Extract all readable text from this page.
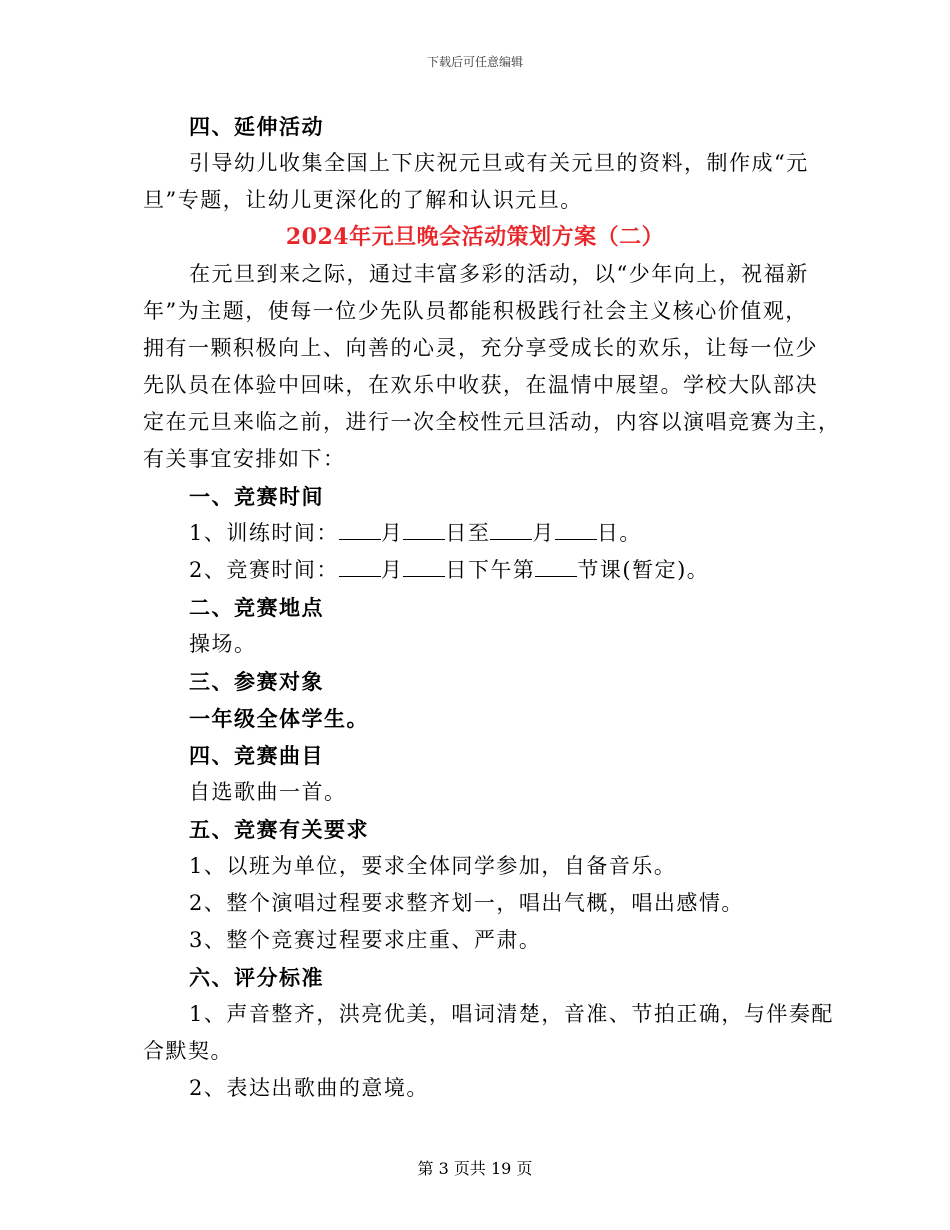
下载后可任意编辑
四、延伸活动
引导幼儿收集全国上下庆祝元旦或有关元旦的资料，制作成“元
旦”专题，让幼儿更深化的了解和认识元旦。
2024年元旦晚会活动策划方案（二）
在元旦到来之际，通过丰富多彩的活动，以“少年向上，祝福新
年”为主题，使每一位少先队员都能积极践行社会主义核心价值观，
拥有一颗积极向上、向善的心灵，充分享受成长的欢乐，让每一位少
先队员在体验中回味，在欢乐中收获，在温情中展望。学校大队部决
定在元旦来临之前，进行一次全校性元旦活动，内容以演唱竞赛为主，
有关事宜安排如下：
一、竞赛时间
1、训练时间： 月 日至 月 日。
2、竞赛时间： 月 日下午第 节课(暂定)。
二、竞赛地点
操场。
三、参赛对象
一年级全体学生。
四、竞赛曲目
自选歌曲一首。
五、竞赛有关要求
1、以班为单位，要求全体同学参加，自备音乐。
2、整个演唱过程要求整齐划一，唱出气概，唱出感情。
3、整个竞赛过程要求庄重、严肃。
六、评分标准
1、声音整齐，洪亮优美，唱词清楚，音准、节拍正确，与伴奏配
合默契。
2、表达出歌曲的意境。
第 3 页共 19 页
